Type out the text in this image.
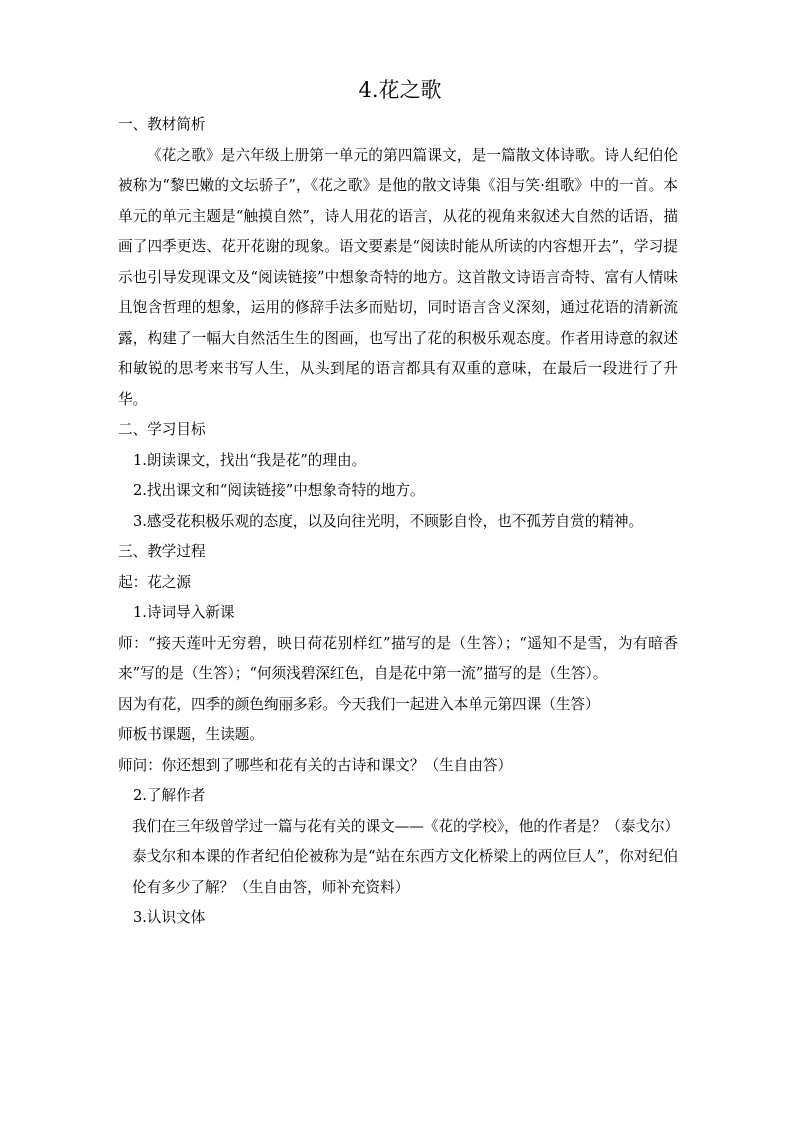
4.花之歌

一、教材简析

《花之歌》是六年级上册第一单元的第四篇课文，是一篇散文体诗歌。诗人纪伯伦被称为“黎巴嫩的文坛骄子”，《花之歌》是他的散文诗集《泪与笑·组歌》中的一首。本单元的单元主题是“触摸自然”，诗人用花的语言，从花的视角来叙述大自然的话语，描画了四季更迭、花开花谢的现象。语文要素是“阅读时能从所读的内容想开去”，学习提示也引导发现课文及“阅读链接”中想象奇特的地方。这首散文诗语言奇特、富有人情味且饱含哲理的想象，运用的修辞手法多而贴切，同时语言含义深刻，通过花语的清新流露，构建了一幅大自然活生生的图画，也写出了花的积极乐观态度。作者用诗意的叙述和敏锐的思考来书写人生，从头到尾的语言都具有双重的意味，在最后一段进行了升华。

二、学习目标

1.朗读课文，找出“我是花”的理由。

2.找出课文和“阅读链接”中想象奇特的地方。

3.感受花积极乐观的态度，以及向往光明，不顾影自怜，也不孤芳自赏的精神。

三、教学过程

起：花之源

1.诗词导入新课

师：“接天莲叶无穷碧，映日荷花别样红”描写的是（生答）；“遥知不是雪，为有暗香来”写的是（生答）；“何须浅碧深红色，自是花中第一流”描写的是（生答）。

因为有花，四季的颜色绚丽多彩。今天我们一起进入本单元第四课（生答）

师板书课题，生读题。

师问：你还想到了哪些和花有关的古诗和课文？（生自由答）

2.了解作者

我们在三年级曾学过一篇与花有关的课文——《花的学校》，他的作者是？（泰戈尔）

泰戈尔和本课的作者纪伯伦被称为是“站在东西方文化桥梁上的两位巨人”，你对纪伯伦有多少了解？（生自由答，师补充资料）

3.认识文体
